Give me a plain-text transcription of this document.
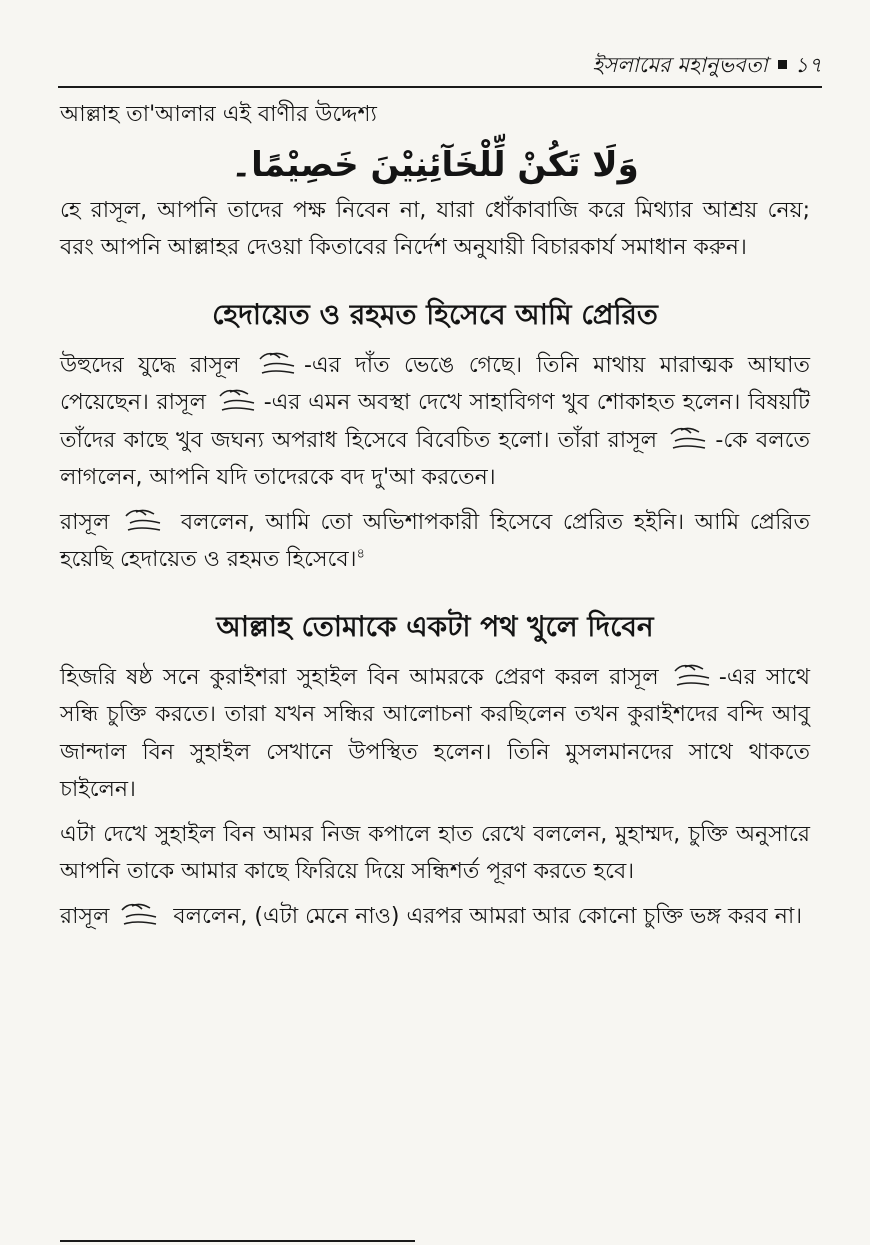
ইসলামের মহানুভবতা ১৭

আল্লাহ তা'আলার এই বাণীর উদ্দেশ্য

وَلَا تَكُنْ لِّلْخَآئِنِيْنَ خَصِيْمًا۔

হে রাসূল, আপনি তাদের পক্ষ নিবেন না, যারা ধোঁকাবাজি করে মিথ্যার আশ্রয় নেয়; বরং আপনি আল্লাহর দেওয়া কিতাবের নির্দেশ অনুযায়ী বিচারকার্য সমাধান করুন।

হেদায়েত ও রহমত হিসেবে আমি প্রেরিত

উহুদের যুদ্ধে রাসূল	-এর দাঁত ভেঙে গেছে। তিনি মাথায় মারাত্মক আঘাত পেয়েছেন। রাসূল	-এর এমন অবস্থা দেখে সাহাবিগণ খুব শোকাহত হলেন। বিষয়টি তাঁদের কাছে খুব জঘন্য অপরাধ হিসেবে বিবেচিত হলো। তাঁরা রাসূল	-কে বলতে লাগলেন, আপনি যদি তাদেরকে বদ দু'আ করতেন।

রাসূল	বললেন, আমি তো অভিশাপকারী হিসেবে প্রেরিত হইনি। আমি প্রেরিত হয়েছি হেদায়েত ও রহমত হিসেবে।$^৪$

আল্লাহ তোমাকে একটা পথ খুলে দিবেন

হিজরি ষষ্ঠ সনে কুরাইশরা সুহাইল বিন আমরকে প্রেরণ করল রাসূল	-এর সাথে সন্ধি চুক্তি করতে। তারা যখন সন্ধির আলোচনা করছিলেন তখন কুরাইশদের বন্দি আবু জান্দাল বিন সুহাইল সেখানে উপস্থিত হলেন। তিনি মুসলমানদের সাথে থাকতে চাইলেন।

এটা দেখে সুহাইল বিন আমর নিজ কপালে হাত রেখে বললেন, মুহাম্মদ, চুক্তি অনুসারে আপনি তাকে আমার কাছে ফিরিয়ে দিয়ে সন্ধিশর্ত পূরণ করতে হবে।

রাসূল	বললেন, (এটা মেনে নাও) এরপর আমরা আর কোনো চুক্তি ভঙ্গ করব না।
